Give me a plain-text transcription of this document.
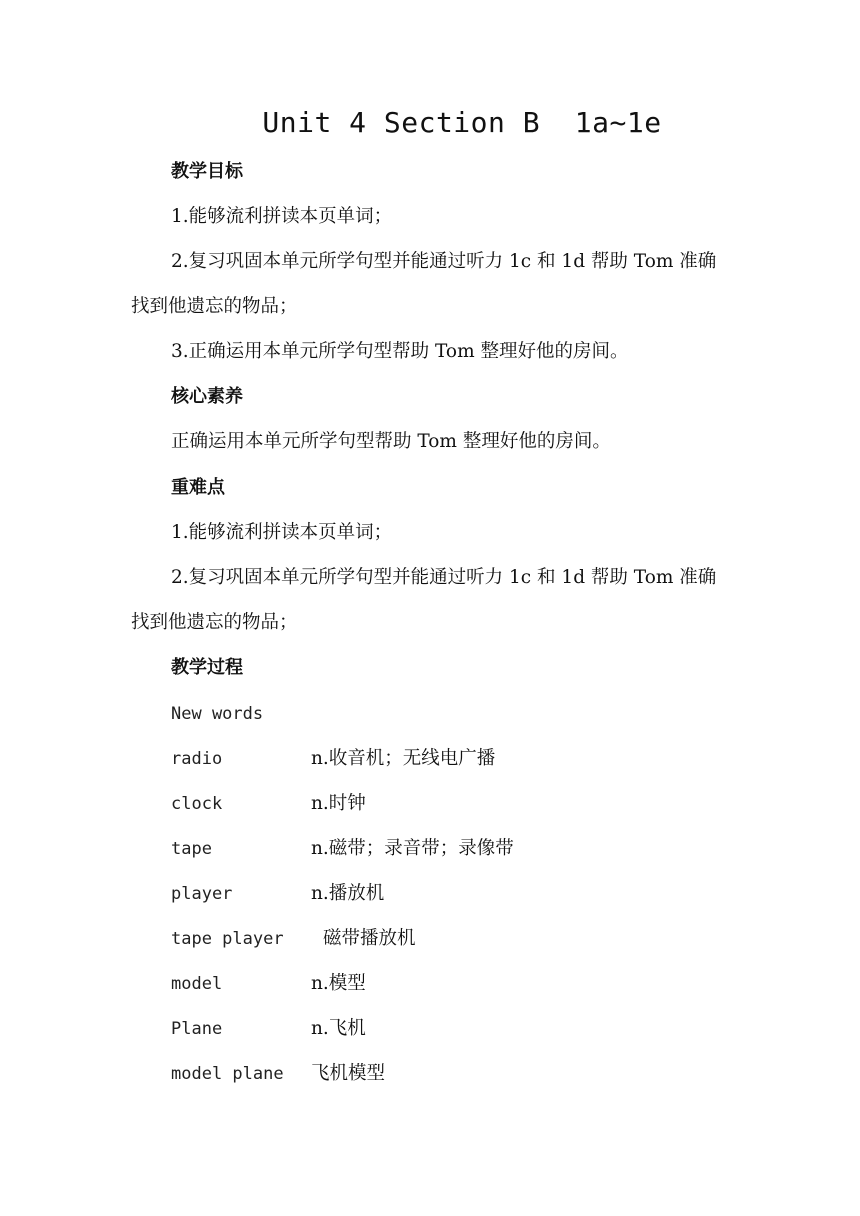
Unit 4 Section B  1a~1e
教学目标
1.能够流利拼读本页单词；
2.复习巩固本单元所学句型并能通过听力 1c 和 1d 帮助 Tom 准确
找到他遗忘的物品；
3.正确运用本单元所学句型帮助 Tom 整理好他的房间。
核心素养
正确运用本单元所学句型帮助 Tom 整理好他的房间。
重难点
1.能够流利拼读本页单词；
2.复习巩固本单元所学句型并能通过听力 1c 和 1d 帮助 Tom 准确
找到他遗忘的物品；
教学过程
New words
radio	n.收音机；无线电广播
clock	n.时钟
tape	n.磁带；录音带；录像带
player	n.播放机
tape player 磁带播放机
model	n.模型
Plane	n.飞机
model plane 飞机模型
